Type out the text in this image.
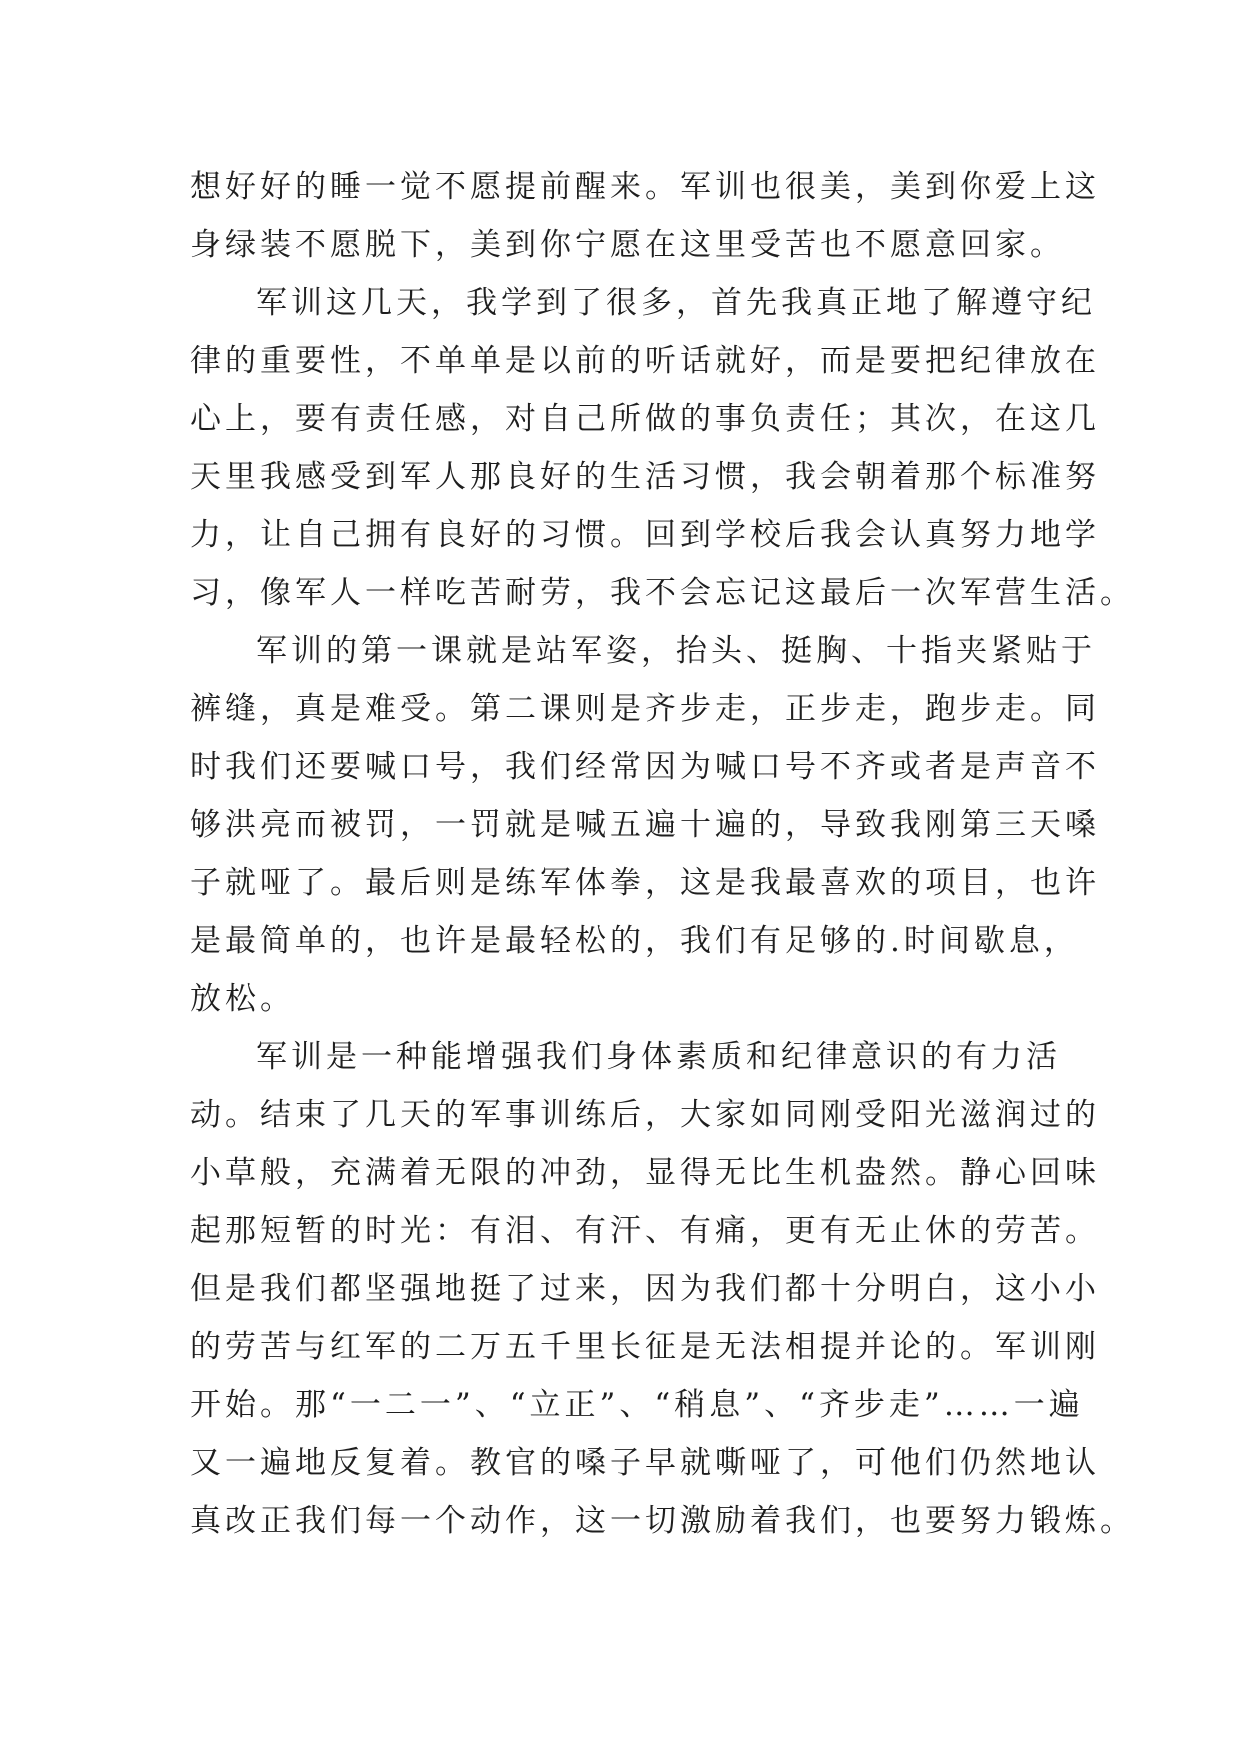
想好好的睡一觉不愿提前醒来。军训也很美，美到你爱上这
身绿装不愿脱下，美到你宁愿在这里受苦也不愿意回家。
军训这几天，我学到了很多，首先我真正地了解遵守纪
律的重要性，不单单是以前的听话就好，而是要把纪律放在
心上，要有责任感，对自己所做的事负责任；其次，在这几
天里我感受到军人那良好的生活习惯，我会朝着那个标准努
力，让自己拥有良好的习惯。回到学校后我会认真努力地学
习，像军人一样吃苦耐劳，我不会忘记这最后一次军营生活。
军训的第一课就是站军姿，抬头、挺胸、十指夹紧贴于
裤缝，真是难受。第二课则是齐步走，正步走，跑步走。同
时我们还要喊口号，我们经常因为喊口号不齐或者是声音不
够洪亮而被罚，一罚就是喊五遍十遍的，导致我刚第三天嗓
子就哑了。最后则是练军体拳，这是我最喜欢的项目，也许
是最简单的，也许是最轻松的，我们有足够的.时间歇息，
放松。
军训是一种能增强我们身体素质和纪律意识的有力活
动。结束了几天的军事训练后，大家如同刚受阳光滋润过的
小草般，充满着无限的冲劲，显得无比生机盎然。静心回味
起那短暂的时光：有泪、有汗、有痛，更有无止休的劳苦。
但是我们都坚强地挺了过来，因为我们都十分明白，这小小
的劳苦与红军的二万五千里长征是无法相提并论的。军训刚
开始。那“一二一”、“立正”、“稍息”、“齐步走”……一遍
又一遍地反复着。教官的嗓子早就嘶哑了，可他们仍然地认
真改正我们每一个动作，这一切激励着我们，也要努力锻炼。
